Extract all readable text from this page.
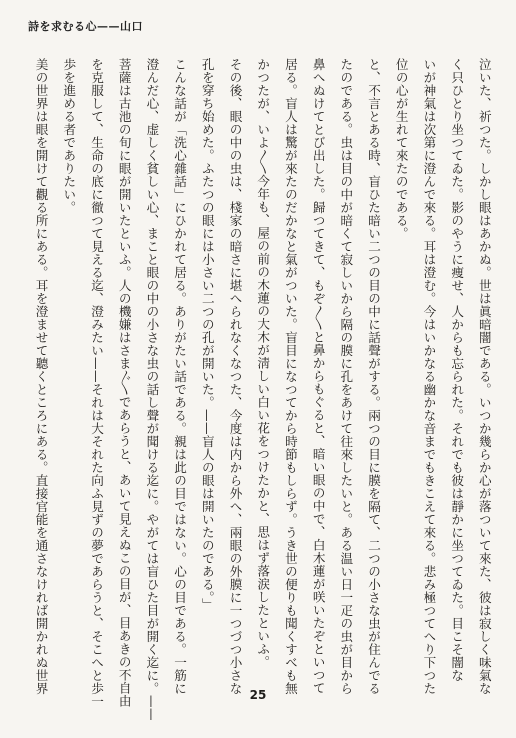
詩を求むる心——山口
泣いた、祈つた。しかし眼はあかぬ。世は眞暗闇である。いつか幾らか心が落ついて來た、彼は寂しく味氣な
く只ひとり坐つてゐた。影のやうに痩せ、人からも忘られた。それでも彼は靜かに坐つてゐた。目こそ闇な
いが神氣は次第に澄んで來る。耳は澄む。今はいかなる幽かな音までもきこえて來る。悲み極つてへり下つた
位の心が生れて來たのである。
と、不言とある時、盲ひた暗い二つの目の中に話聲がする。兩つの目に膜を隔て、二つの小さな虫が住んでる
たのである。虫は目の中が暗くて寂しいから隔の膜に孔をあけて往來したいと。ある温い日一疋の虫が目から
鼻へぬけてとび出した。歸つてきて、もぞ〳〵と鼻からもぐると、暗い眼の中で、白木蓮が咲いたぞといつて
居る。盲人は驚が來たのだかなと氣がついた。盲目になつてから時節もしらず。うき世の便りも聞くすべも無
かつたが、いよ〳〵今年も、屋の前の木蓮の大木が淸しい白い花をつけたかと、思はず落涙したといふ。
その後、眼の中の虫は、棧家の暗さに堪へられなくなつた、今度は内から外へ、兩眼の外膜に一つづつ小さな
孔を穿ち始めた。ふたつの眼には小さい二つの孔が開いた。——盲人の眼は開いたのである。」
こんな話が「洗心雜話」にひかれて居る。ありがたい話である。親は此の目ではない。心の目である。一筋に
澄んだ心、虚しく貧しい心、まこと眼の中の小さな虫の話し聲が聞ける迄に。やがては盲ひた目が開く迄に。——
菩薩は古池の旬に眼が開いたといふ。人の機嫌はさま〴〵であらうと、あいて見えぬこの目が、目あきの不自由
を克服して、生命の底に徹つて見える迄、澄みたい——それは大それた向ふ見ずの夢であらうと、そこへと歩一
歩を進める者でありたい。
美の世界は眼を開けて觀る所にある。耳を澄ませて聽くところにある。直接官能を通さなければ開かれぬ世界	25
